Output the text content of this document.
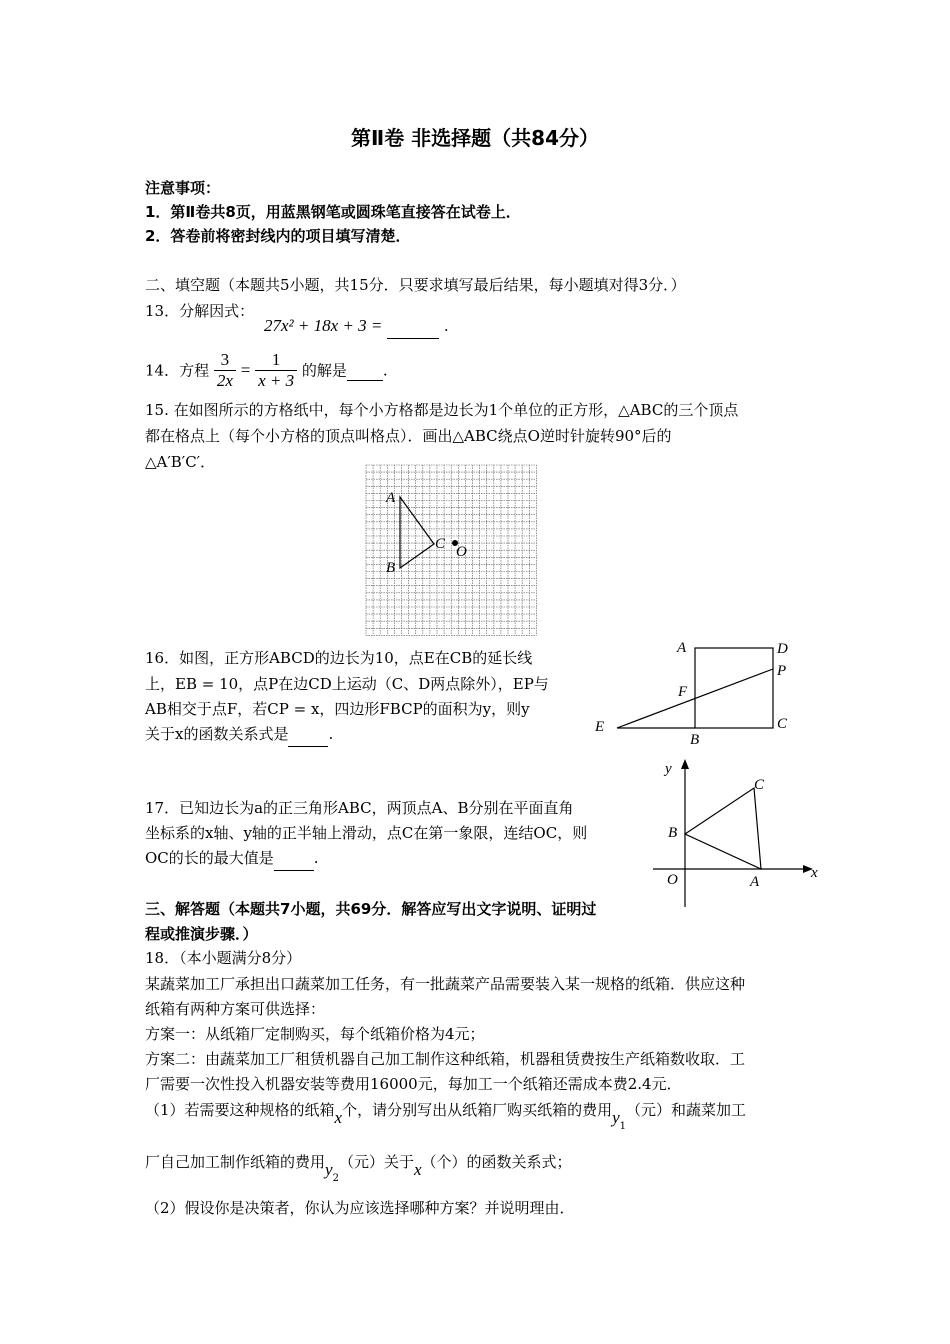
第Ⅱ卷 非选择题（共84分）
注意事项：
1．第Ⅱ卷共8页，用蓝黑钢笔或圆珠笔直接答在试卷上．
2．答卷前将密封线内的项目填写清楚．
二、填空题（本题共5小题，共15分．只要求填写最后结果，每小题填对得3分．）
13．分解因式：
27x² + 18x + 3 =	.
14．方程 $\frac{3}{2x} = \frac{1}{x + 3}$ 的解是 .
15. 在如图所示的方格纸中，每个小方格都是边长为1个单位的正方形，△ABC的三个顶点
都在格点上（每个小方格的顶点叫格点）．画出△ABC绕点O逆时针旋转90°后的
△A′B′C′．
A
B
C O
16．如图，正方形ABCD的边长为10，点E在CB的延长线
上，EB = 10，点P在边CD上运动（C、D两点除外），EP与
AB相交于点F，若CP = x，四边形FBCP的面积为y，则y
关于x的函数关系式是	.
A	D
P
F
E
B
C
17．已知边长为a的正三角形ABC，两顶点A、B分别在平面直角
坐标系的x轴、y轴的正半轴上滑动，点C在第一象限，连结OC，则
OC的长的最大值是	.
y
x
C
B
O	A
三、解答题（本题共7小题，共69分．解答应写出文字说明、证明过
程或推演步骤．）
18．（本小题满分8分）
某蔬菜加工厂承担出口蔬菜加工任务，有一批蔬菜产品需要装入某一规格的纸箱．供应这种
纸箱有两种方案可供选择：
方案一：从纸箱厂定制购买，每个纸箱价格为4元；
方案二：由蔬菜加工厂租赁机器自己加工制作这种纸箱，机器租赁费按生产纸箱数收取．工
厂需要一次性投入机器安装等费用16000元，每加工一个纸箱还需成本费2.4元．
（1）若需要这种规格的纸箱x个，请分别写出从纸箱厂购买纸箱的费用$y_1$（元）和蔬菜加工
厂自己加工制作纸箱的费用$y_2$（元）关于x（个）的函数关系式；
（2）假设你是决策者，你认为应该选择哪种方案？并说明理由．
